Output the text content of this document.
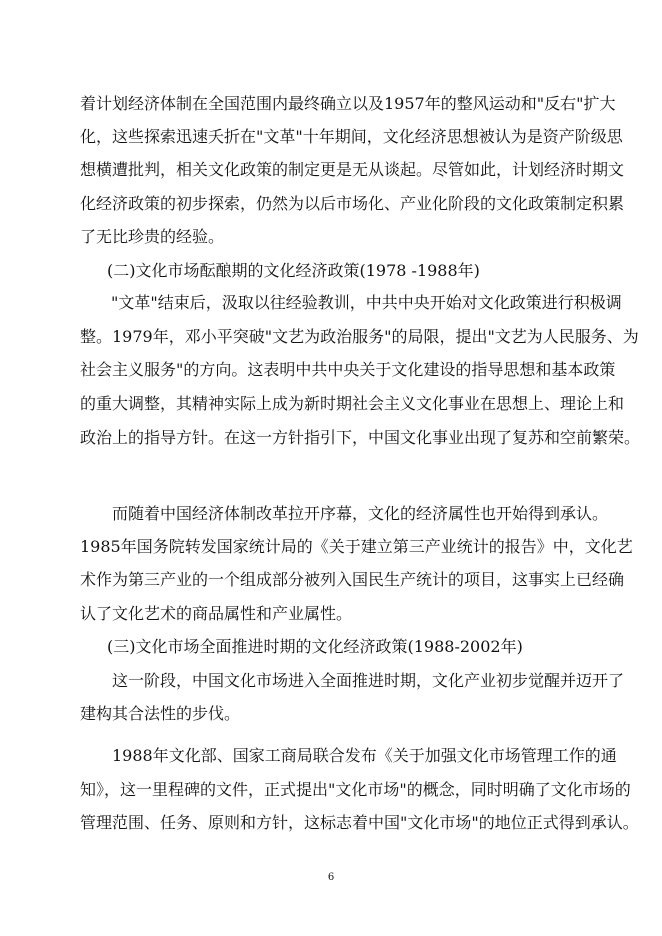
着计划经济体制在全国范围内最终确立以及1957年的整风运动和"反右"扩大
化，这些探索迅速夭折在"文革"十年期间，文化经济思想被认为是资产阶级思
想横遭批判，相关文化政策的制定更是无从谈起。尽管如此，计划经济时期文
化经济政策的初步探索，仍然为以后市场化、产业化阶段的文化政策制定积累
了无比珍贵的经验。
(二)文化市场酝酿期的文化经济政策(1978 -1988年)
"文革"结束后，汲取以往经验教训，中共中央开始对文化政策进行积极调
整。1979年，邓小平突破"文艺为政治服务"的局限，提出"文艺为人民服务、为
社会主义服务"的方向。这表明中共中央关于文化建设的指导思想和基本政策
的重大调整，其精神实际上成为新时期社会主义文化事业在思想上、理论上和
政治上的指导方针。在这一方针指引下，中国文化事业出现了复苏和空前繁荣。
而随着中国经济体制改革拉开序幕，文化的经济属性也开始得到承认。
1985年国务院转发国家统计局的《关于建立第三产业统计的报告》中，文化艺
术作为第三产业的一个组成部分被列入国民生产统计的项目，这事实上已经确
认了文化艺术的商品属性和产业属性。
(三)文化市场全面推进时期的文化经济政策(1988-2002年)
这一阶段，中国文化市场进入全面推进时期，文化产业初步觉醒并迈开了
建构其合法性的步伐。
1988年文化部、国家工商局联合发布《关于加强文化市场管理工作的通
知》，这一里程碑的文件，正式提出"文化市场"的概念，同时明确了文化市场的
管理范围、任务、原则和方针，这标志着中国"文化市场"的地位正式得到承认。
6
